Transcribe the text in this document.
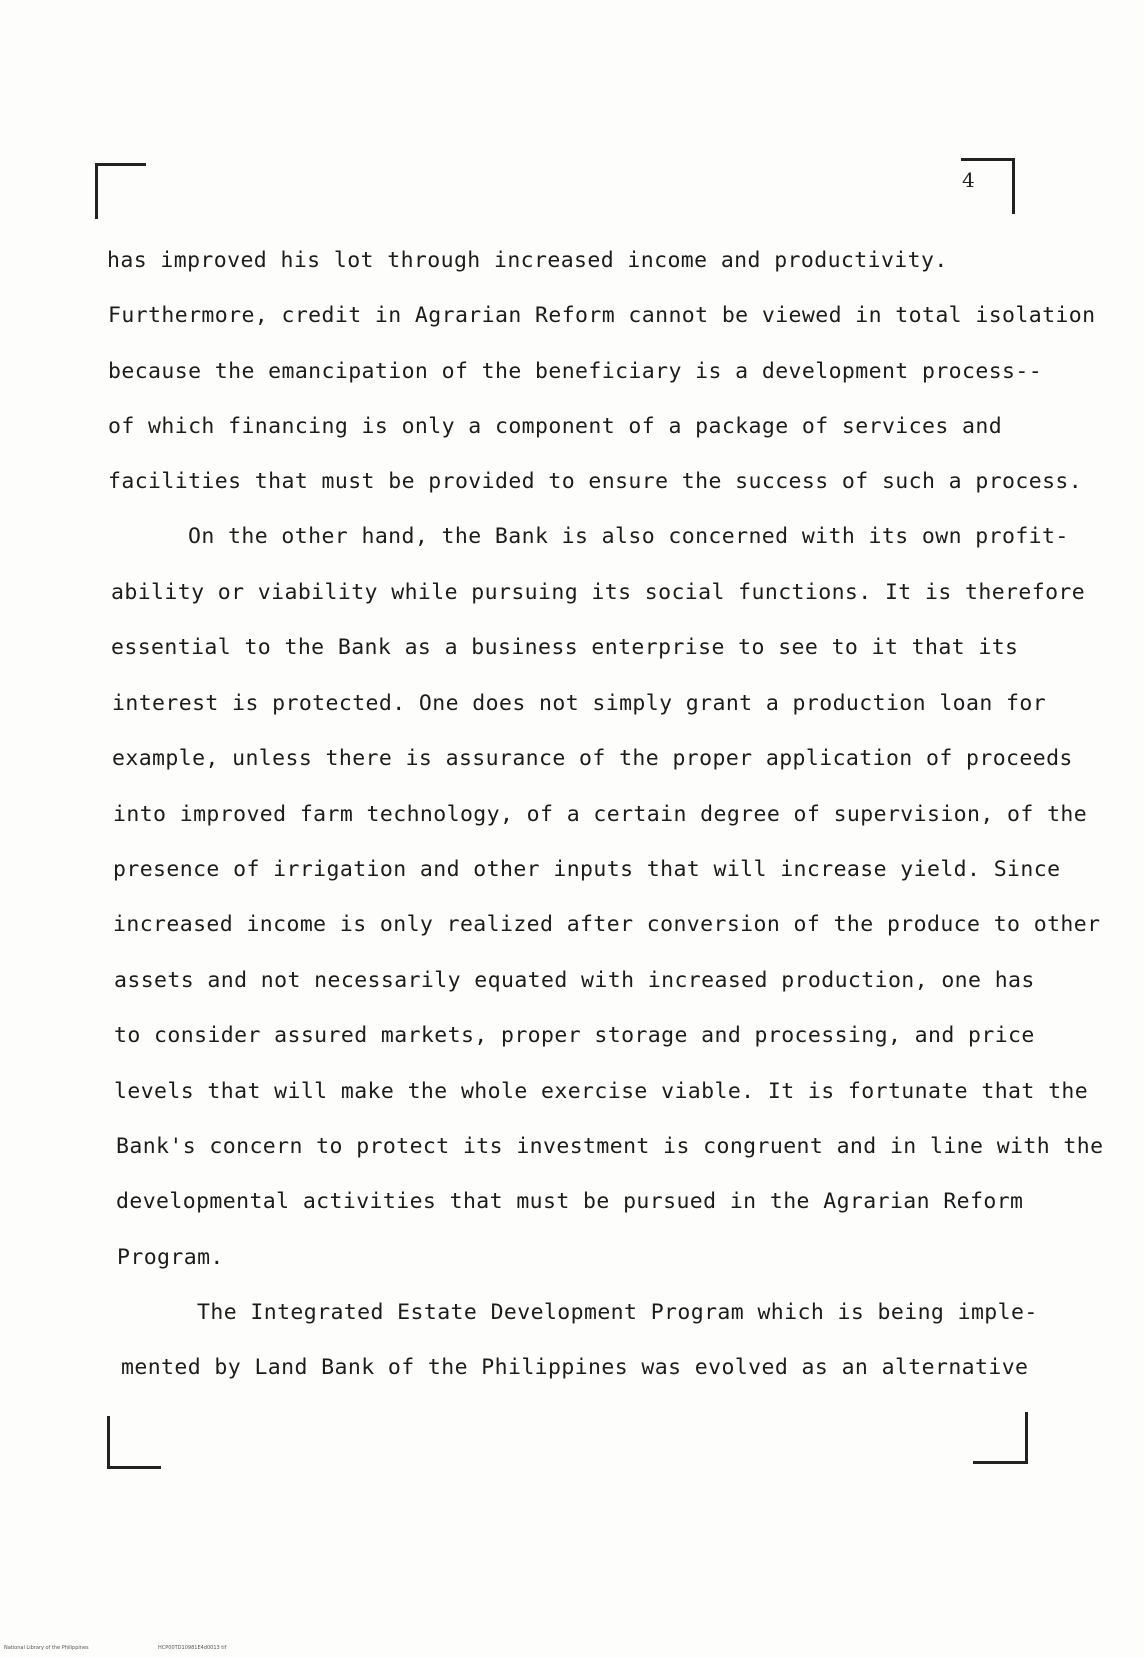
4
has improved his lot through increased income and productivity.
Furthermore, credit in Agrarian Reform cannot be viewed in total isolation
because the emancipation of the beneficiary is a development process--
of which financing is only a component of a package of services and
facilities that must be provided to ensure the success of such a process.
On the other hand, the Bank is also concerned with its own profit-
ability or viability while pursuing its social functions. It is therefore
essential to the Bank as a business enterprise to see to it that its
interest is protected. One does not simply grant a production loan for
example, unless there is assurance of the proper application of proceeds
into improved farm technology, of a certain degree of supervision, of the
presence of irrigation and other inputs that will increase yield. Since
increased income is only realized after conversion of the produce to other
assets and not necessarily equated with increased production, one has
to consider assured markets, proper storage and processing, and price
levels that will make the whole exercise viable. It is fortunate that the
Bank's concern to protect its investment is congruent and in line with the
developmental activities that must be pursued in the Agrarian Reform
Program.
The Integrated Estate Development Program which is being imple-
mented by Land Bank of the Philippines was evolved as an alternative
National Library of the Philippines	HCP00TD10981E4d0013 tif
